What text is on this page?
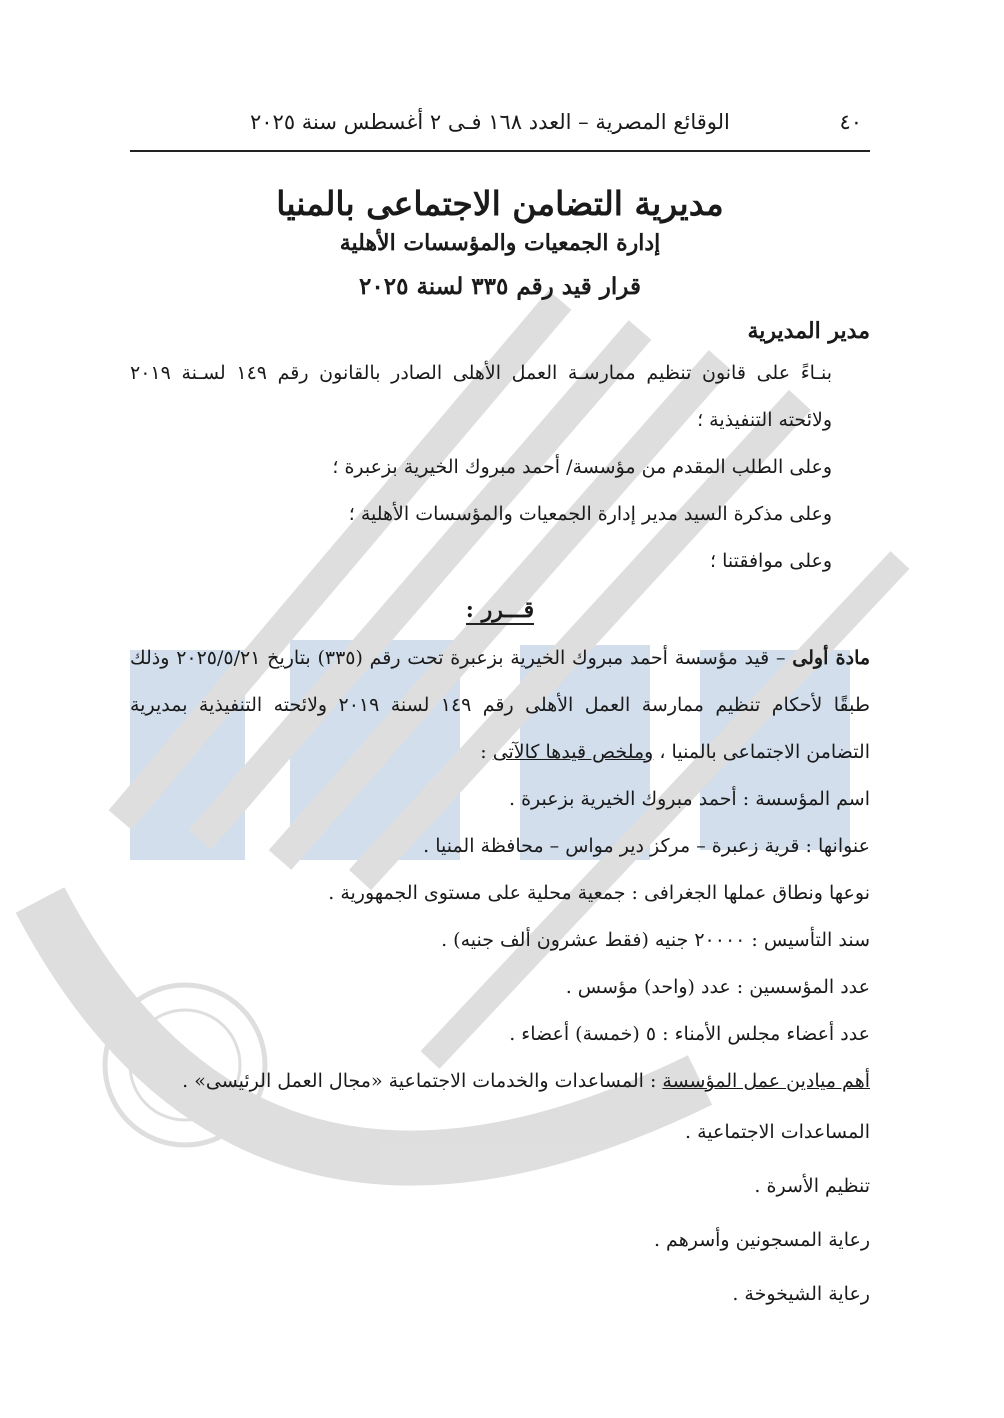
٤٠
الوقائع المصرية – العدد ١٦٨ فـى ٢ أغسطس سنة ٢٠٢٥
مديرية التضامن الاجتماعى بالمنيا
إدارة الجمعيات والمؤسسات الأهلية
قرار قيد رقم ٣٣٥ لسنة ٢٠٢٥
مدير المديرية
بنـاءً على قانون تنظيم ممارسـة العمل الأهلى الصادر بالقانون رقم ١٤٩ لسـنة ٢٠١٩ ولائحته التنفيذية ؛
وعلى الطلب المقدم من مؤسسة/ أحمد مبروك الخيرية بزعبرة ؛
وعلى مذكرة السيد مدير إدارة الجمعيات والمؤسسات الأهلية ؛
وعلى موافقتنا ؛
قـــرر :
مادة أولى – قيد مؤسسة أحمد مبروك الخيرية بزعبرة تحت رقم (٣٣٥) بتاريخ ٢٠٢٥/٥/٢١ وذلك طبقًا لأحكام تنظيم ممارسة العمل الأهلى رقم ١٤٩ لسنة ٢٠١٩ ولائحته التنفيذية بمديرية التضامن الاجتماعى بالمنيا ، وملخص قيدها كالآتى :
اسم المؤسسة : أحمد مبروك الخيرية بزعبرة .
عنوانها : قرية زعبرة – مركز دير مواس – محافظة المنيا .
نوعها ونطاق عملها الجغرافى : جمعية محلية على مستوى الجمهورية .
سند التأسيس : ٢٠٠٠٠ جنيه (فقط عشرون ألف جنيه) .
عدد المؤسسين : عدد (واحد) مؤسس .
عدد أعضاء مجلس الأمناء : ٥ (خمسة) أعضاء .
أهم ميادين عمل المؤسسة : المساعدات والخدمات الاجتماعية «مجال العمل الرئيسى» .
المساعدات الاجتماعية .
تنظيم الأسرة .
رعاية المسجونين وأسرهم .
رعاية الشيخوخة .
